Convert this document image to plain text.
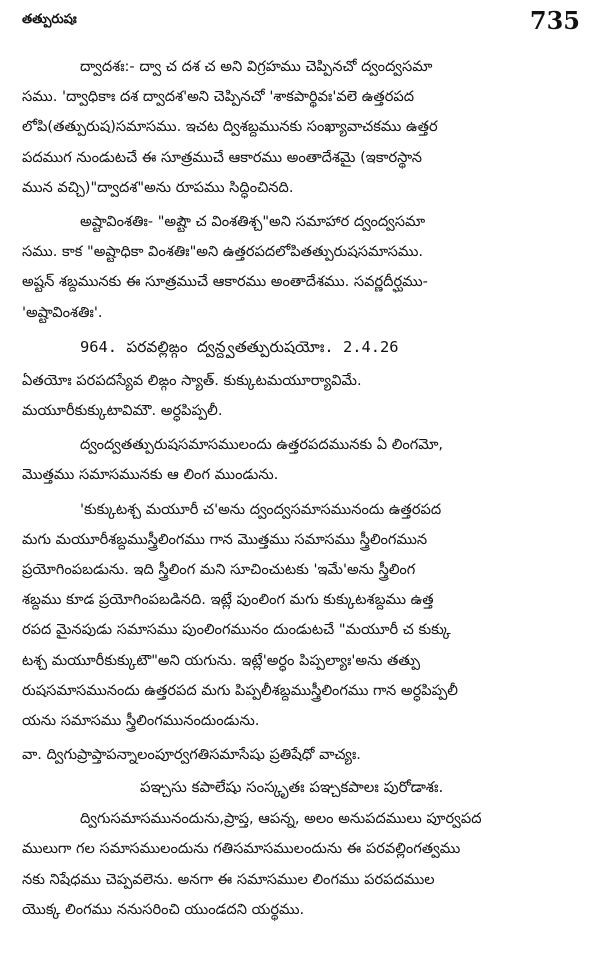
తత్పురుషః	735
ద్వాదశః:- ద్వా చ దశ చ అని విగ్రహము చెప్పినచో ద్వంద్వసమా
సము. 'ద్వాధికాః దశ ద్వాదశ'అని చెప్పినచో 'శాకపార్థివః'వలె ఉత్తరపద
లోపి(తత్పురుష)సమాసము. ఇచట ద్విశబ్దమునకు సంఖ్యావాచకము ఉత్తర
పదముగ నుండుటచే ఈ సూత్రముచే ఆకారము అంతాదేశమై (ఇకారస్థాన
మున వచ్చి)"ద్వాదశ"అను రూపము సిద్ధించినది.
అష్టావింశతిః- "అష్టౌ చ వింశతిశ్చ"అని సమాహార ద్వంద్వసమా
సము. కాక "అష్టాధికా వింశతిః"అని ఉత్తరపదలోపితత్పురుషసమాసము.
అష్టన్ శబ్దమునకు ఈ సూత్రముచే ఆకారము అంతాదేశము. సవర్ణదీర్ఘము-
'అష్టావింశతిః'.
964. పరవల్లిఙ్గం ద్వన్ద్వతత్పురుషయోః. 2.4.26
ఏతయోః పరపదస్యేవ లిఙ్గం స్యాత్. కుక్కుటమయూర్యావిమే.
మయూరీకుక్కుటావిమౌ. అర్ధపిప్పలీ.
ద్వంద్వతత్పురుషసమాసములందు ఉత్తరపదమునకు ఏ లింగమో,
మొత్తము సమాసమునకు ఆ లింగ ముండును.
'కుక్కుటశ్చ మయూరీ చ'అను ద్వంద్వసమాసమునందు ఉత్తరపద
మగు మయూరీశబ్దముస్త్రీలింగము గాన మొత్తము సమాసము స్త్రీలింగమున
ప్రయోగింపబడును. ఇది స్త్రీలింగ మని సూచించుటకు 'ఇమే'అను స్త్రీలింగ
శబ్దము కూడ ప్రయోగింపబడినది. ఇట్లే పుంలింగ మగు కుక్కుటశబ్దము ఉత్త
రపద మైనపుడు సమాసము పుంలింగమునం దుండుటచే "మయూరీ చ కుక్కు
టశ్చ మయూరీకుక్కుటౌ"అని యగును. ఇట్లే'అర్ధం పిప్పల్యాః'అను తత్పు
రుషసమాసమునందు ఉత్తరపద మగు పిప్పలీశబ్దముస్త్రీలింగము గాన అర్ధపిప్పలీ
యను సమాసము స్త్రీలింగమునందుండును.
వా. ద్విగుప్రాప్తాపన్నాలంపూర్వగతిసమాసేషు ప్రతిషేధో వాచ్యః.
పఞ్చసు కపాలేషు సంస్కృతః పఞ్చకపాలః పురోడాశః.
ద్విగుసమాసమునందును,ప్రాప్త, ఆపన్న, అలం అనుపదములు పూర్వపద
ములుగా గల సమాసములందును గతిసమాసములందును ఈ పరవల్లింగత్వము
నకు నిషేధము చెప్పవలెను. అనగా ఈ సమాసముల లింగము పరపదముల
యొక్క లింగము ననుసరించి యుండదని యర్థము.
